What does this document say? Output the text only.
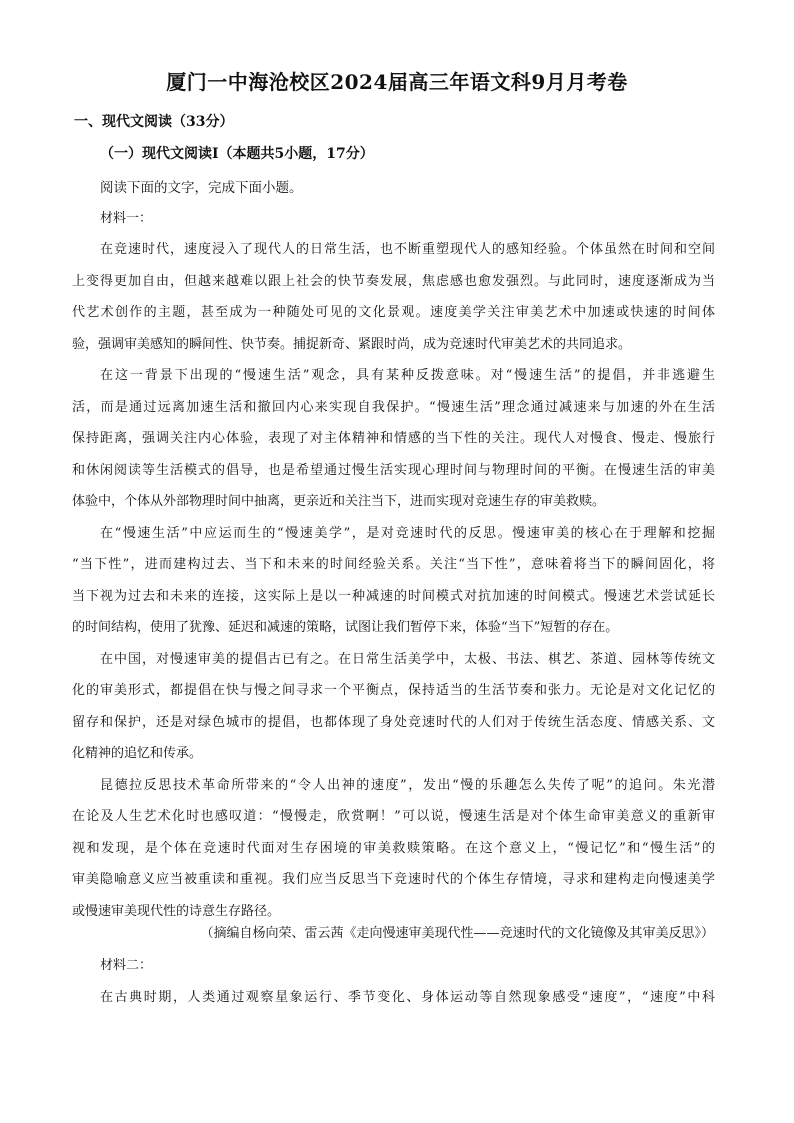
厦门一中海沧校区2024届高三年语文科9月月考卷
一、现代文阅读（33分）
（一）现代文阅读Ⅰ（本题共5小题，17分）
阅读下面的文字，完成下面小题。
材料一：
在竞速时代，速度浸入了现代人的日常生活，也不断重塑现代人的感知经验。个体虽然在时间和空间
上变得更加自由，但越来越难以跟上社会的快节奏发展，焦虑感也愈发强烈。与此同时，速度逐渐成为当
代艺术创作的主题，甚至成为一种随处可见的文化景观。速度美学关注审美艺术中加速或快速的时间体
验，强调审美感知的瞬间性、快节奏。捕捉新奇、紧跟时尚，成为竞速时代审美艺术的共同追求。
在这一背景下出现的“慢速生活”观念，具有某种反拨意味。对“慢速生活”的提倡，并非逃避生
活，而是通过远离加速生活和撤回内心来实现自我保护。“慢速生活”理念通过减速来与加速的外在生活
保持距离，强调关注内心体验，表现了对主体精神和情感的当下性的关注。现代人对慢食、慢走、慢旅行
和休闲阅读等生活模式的倡导，也是希望通过慢生活实现心理时间与物理时间的平衡。在慢速生活的审美
体验中，个体从外部物理时间中抽离，更亲近和关注当下，进而实现对竞速生存的审美救赎。
在“慢速生活”中应运而生的“慢速美学”，是对竞速时代的反思。慢速审美的核心在于理解和挖掘
“当下性”，进而建构过去、当下和未来的时间经验关系。关注“当下性”，意味着将当下的瞬间固化，将
当下视为过去和未来的连接，这实际上是以一种减速的时间模式对抗加速的时间模式。慢速艺术尝试延长
的时间结构，使用了犹豫、延迟和减速的策略，试图让我们暂停下来，体验“当下”短暂的存在。
在中国，对慢速审美的提倡古已有之。在日常生活美学中，太极、书法、棋艺、茶道、园林等传统文
化的审美形式，都提倡在快与慢之间寻求一个平衡点，保持适当的生活节奏和张力。无论是对文化记忆的
留存和保护，还是对绿色城市的提倡，也都体现了身处竞速时代的人们对于传统生活态度、情感关系、文
化精神的追忆和传承。
昆德拉反思技术革命所带来的“令人出神的速度”，发出“慢的乐趣怎么失传了呢”的追问。朱光潜
在论及人生艺术化时也感叹道：“慢慢走，欣赏啊！”可以说，慢速生活是对个体生命审美意义的重新审
视和发现，是个体在竞速时代面对生存困境的审美救赎策略。在这个意义上，“慢记忆”和“慢生活”的
审美隐喻意义应当被重读和重视。我们应当反思当下竞速时代的个体生存情境，寻求和建构走向慢速美学
或慢速审美现代性的诗意生存路径。
（摘编自杨向荣、雷云茜《走向慢速审美现代性——竞速时代的文化镜像及其审美反思》）
材料二：
在古典时期，人类通过观察星象运行、季节变化、身体运动等自然现象感受“速度”，“速度”中科
